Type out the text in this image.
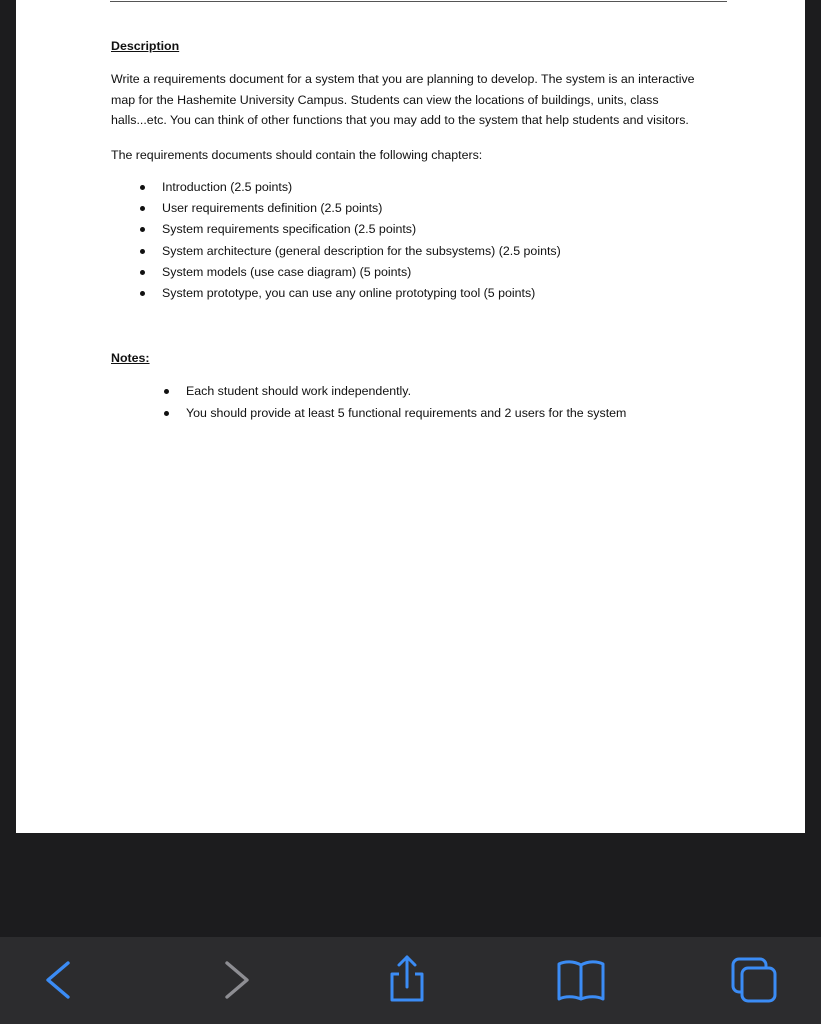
Description

Write a requirements document for a system that you are planning to develop. The system is an interactive map for the Hashemite University Campus. Students can view the locations of buildings, units, class halls...etc. You can think of other functions that you may add to the system that help students and visitors.

The requirements documents should contain the following chapters:

Introduction (2.5 points)
User requirements definition (2.5 points)
System requirements specification (2.5 points)
System architecture (general description for the subsystems) (2.5 points)
System models (use case diagram) (5 points)
System prototype, you can use any online prototyping tool (5 points)

Notes:

Each student should work independently.
You should provide at least 5 functional requirements and 2 users for the system
